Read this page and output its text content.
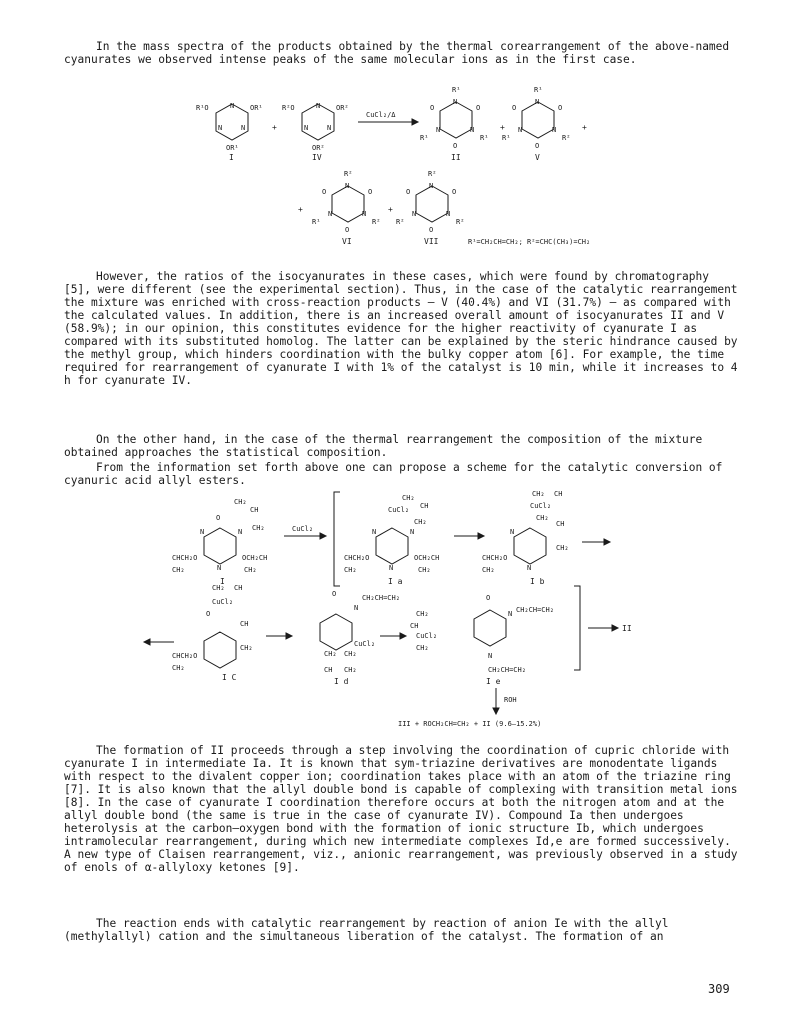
In the mass spectra of the products obtained by the thermal corearrangement of the above-named cyanurates we observed intense peaks of the same molecular ions as in the first case.
N
N	N
R¹O	OR¹
OR¹
I
+
N
N	N
R²O	OR²
OR²
IV
CuCl₂/Δ
R¹
N
O	O
N	N
R¹	R¹
O
II
+
R¹
N
O	O
N	N
R¹	R²
O
V
+
+
R²
N
O	O
N	N
R¹	R²
O
VI
+
R²
N
O	O
N	N
R²	R²
O
VII	R¹=CH₂CH=CH₂; R²=CHC(CH₃)=CH₂
However, the ratios of the isocyanurates in these cases, which were found by chromatography [5], were different (see the experimental section). Thus, in the case of the catalytic rearrangement the mixture was enriched with cross-reaction products — V (40.4%) and VI (31.7%) — as compared with the calculated values. In addition, there is an increased overall amount of isocyanurates II and V (58.9%); in our opinion, this constitutes evidence for the higher reactivity of cyanurate I as compared with its substituted homolog. The latter can be explained by the steric hindrance caused by the methyl group, which hinders coordination with the bulky copper atom [6]. For example, the time required for rearrangement of cyanurate I with 1% of the catalyst is 10 min, while it increases to 4 h for cyanurate IV.
On the other hand, in the case of the thermal rearrangement the composition of the mixture obtained approaches the statistical composition.
From the information set forth above one can propose a scheme for the catalytic conversion of cyanuric acid allyl esters.
N	N
N
O
CH₂
CH
CH₂
CHCH₂O
CH₂
OCH₂CH
CH₂
I
CuCl₂	N	N
N
CuCl₂
CH₂
CH
CH₂
CHCH₂O
CH₂
OCH₂CH
CH₂
I a
N
N
CH₂ CH
CuCl₂
CH₂
CH
CH₂
CHCH₂O
CH₂
I b
O
CuCl₂
CH₂ CH
CH
CH₂
CHCH₂O
CH₂
I C
O
N
CH₂CH=CH₂
CH₂ CH₂
CuCl₂
CH CH₂
I d
CH₂
CH
CuCl₂
CH₂
O
N CH₂CH=CH₂
N
CH₂CH=CH₂
I e
II
ROH
III + ROCH₂CH=CH₂ + II (9.6–15.2%)
The formation of II proceeds through a step involving the coordination of cupric chloride with cyanurate I in intermediate Ia. It is known that sym-triazine derivatives are monodentate ligands with respect to the divalent copper ion; coordination takes place with an atom of the triazine ring [7]. It is also known that the allyl double bond is capable of complexing with transition metal ions [8]. In the case of cyanurate I coordination therefore occurs at both the nitrogen atom and at the allyl double bond (the same is true in the case of cyanurate IV). Compound Ia then undergoes heterolysis at the carbon—oxygen bond with the formation of ionic structure Ib, which undergoes intramolecular rearrangement, during which new intermediate complexes Id,e are formed successively. A new type of Claisen rearrangement, viz., anionic rearrangement, was previously observed in a study of enols of α-allyloxy ketones [9].
The reaction ends with catalytic rearrangement by reaction of anion Ie with the allyl (methylallyl) cation and the simultaneous liberation of the catalyst. The formation of an
309
